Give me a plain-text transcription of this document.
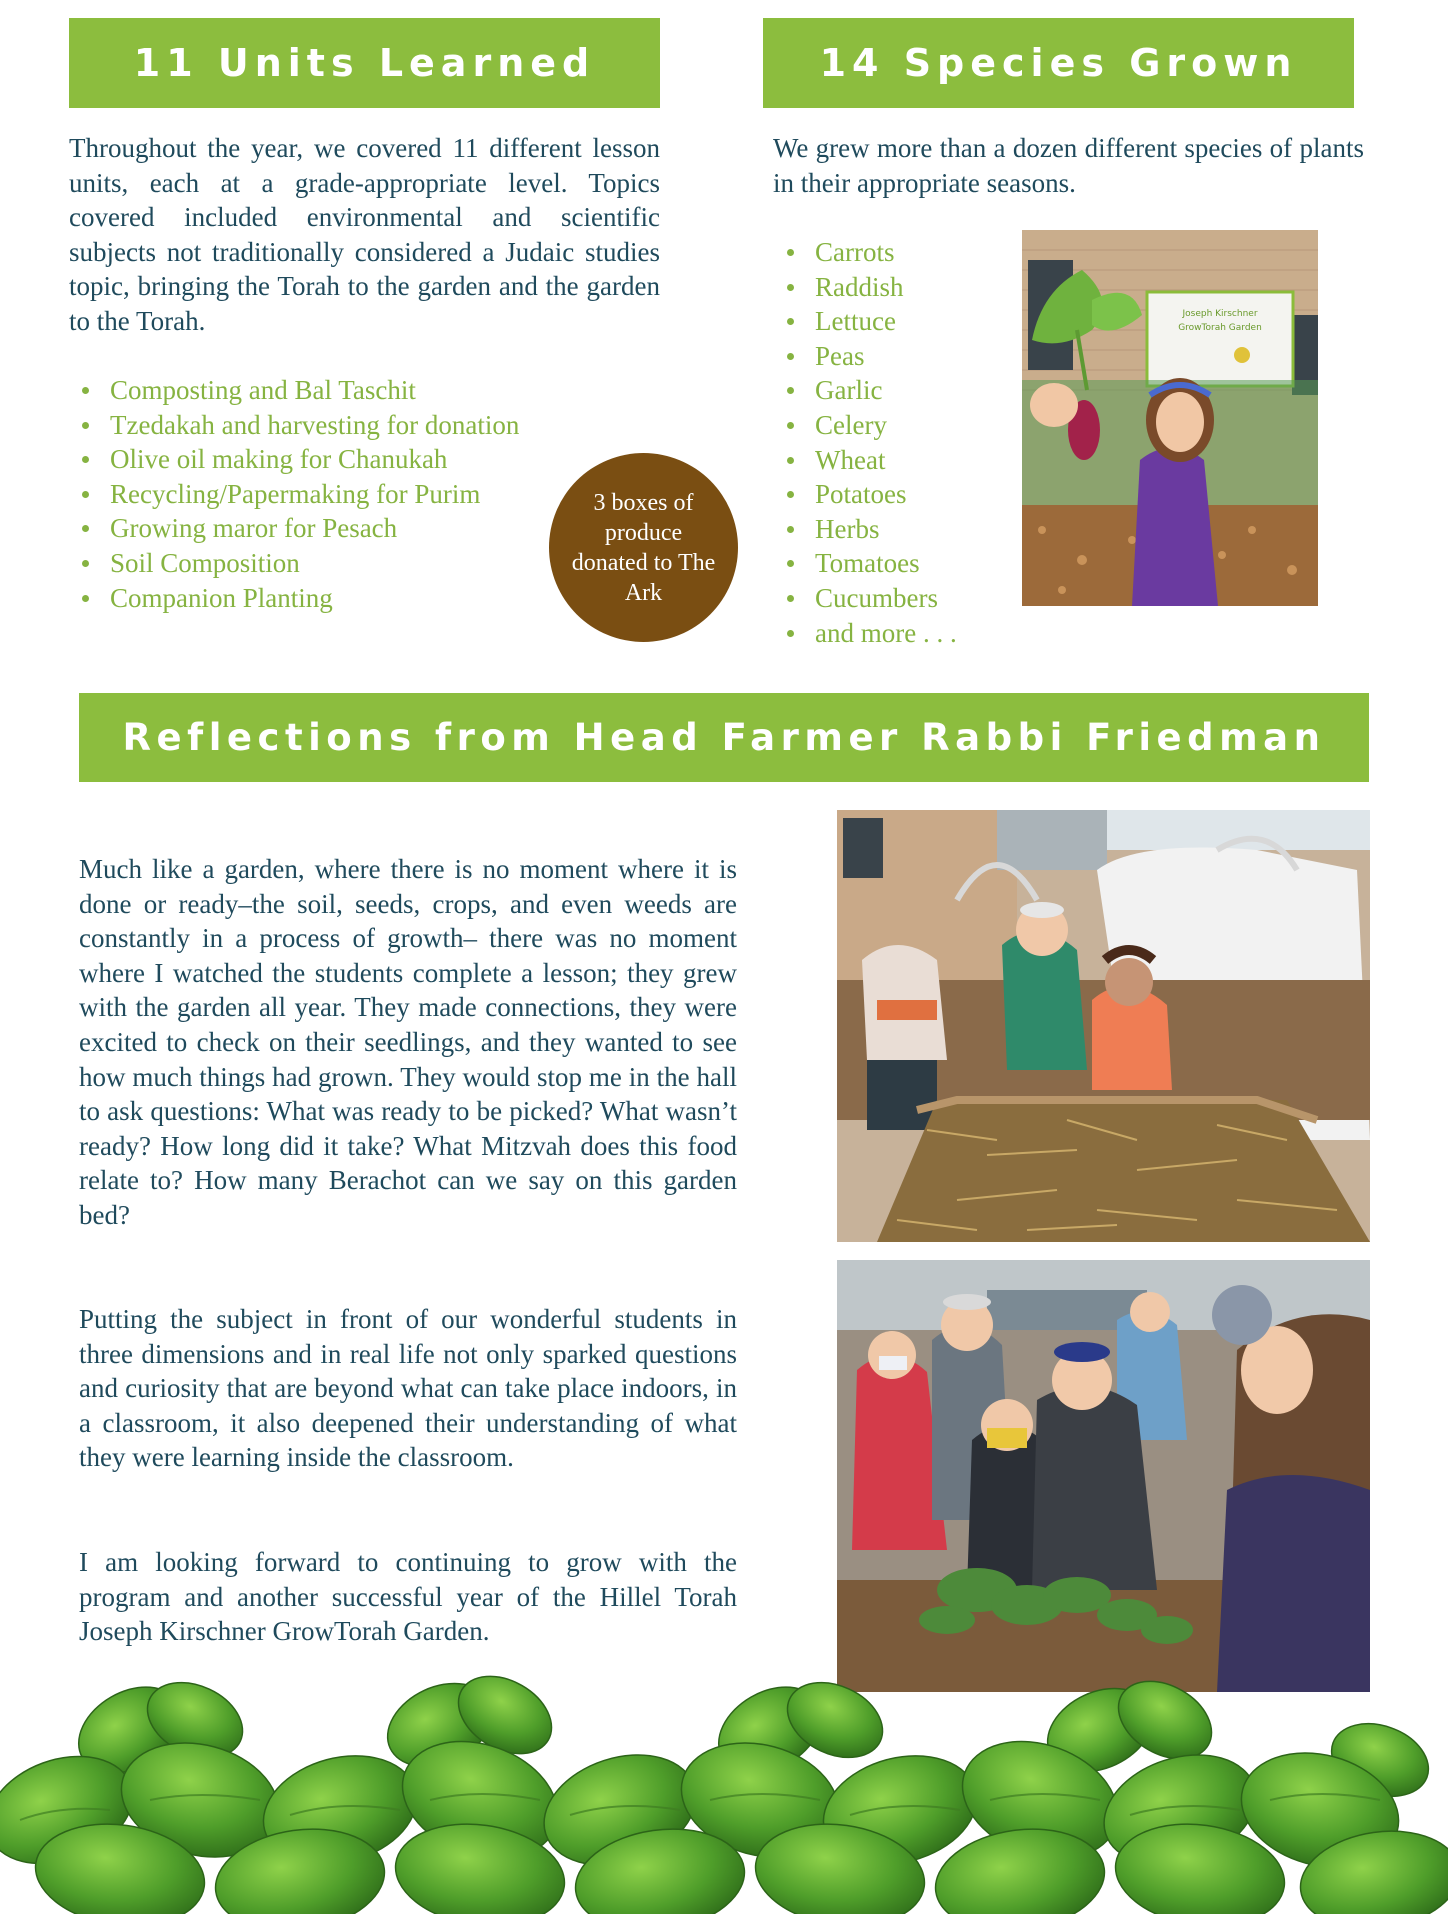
11 Units Learned	14 Species Grown

Throughout the year, we covered 11 different lesson units, each at a grade-appropriate level. Topics covered included environmental and scientific subjects not traditionally considered a Judaic studies topic, bringing the Torah to the garden and the garden to the Torah.

Composting and Bal Taschit
Tzedakah and harvesting for donation
Olive oil making for Chanukah
Recycling/Papermaking for Purim
Growing maror for Pesach
Soil Composition
Companion Planting
3 boxes of produce donated to The Ark

We grew more than a dozen different species of plants in their appropriate seasons.

Carrots
Raddish
Lettuce
Peas
Garlic
Celery
Wheat
Potatoes
Herbs
Tomatoes
Cucumbers
and more . . .
Joseph Kirschner
GrowTorah Garden
Reflections from Head Farmer Rabbi Friedman

Much like a garden, where there is no moment where it is done or ready–the soil, seeds, crops, and even weeds are constantly in a process of growth– there was no moment where I watched the students complete a lesson; they grew with the garden all year. They made connections, they were excited to check on their seedlings, and they wanted to see how much things had grown. They would stop me in the hall to ask questions: What was ready to be picked? What wasn’t ready? How long did it take? What Mitzvah does this food relate to? How many Berachot can we say on this garden bed?

Putting the subject in front of our wonderful students in three dimensions and in real life not only sparked questions and curiosity that are beyond what can take place indoors, in a classroom, it also deepened their understanding of what they were learning inside the classroom.

I am looking forward to continuing to grow with the program and another successful year of the Hillel Torah Joseph Kirschner GrowTorah Garden.
